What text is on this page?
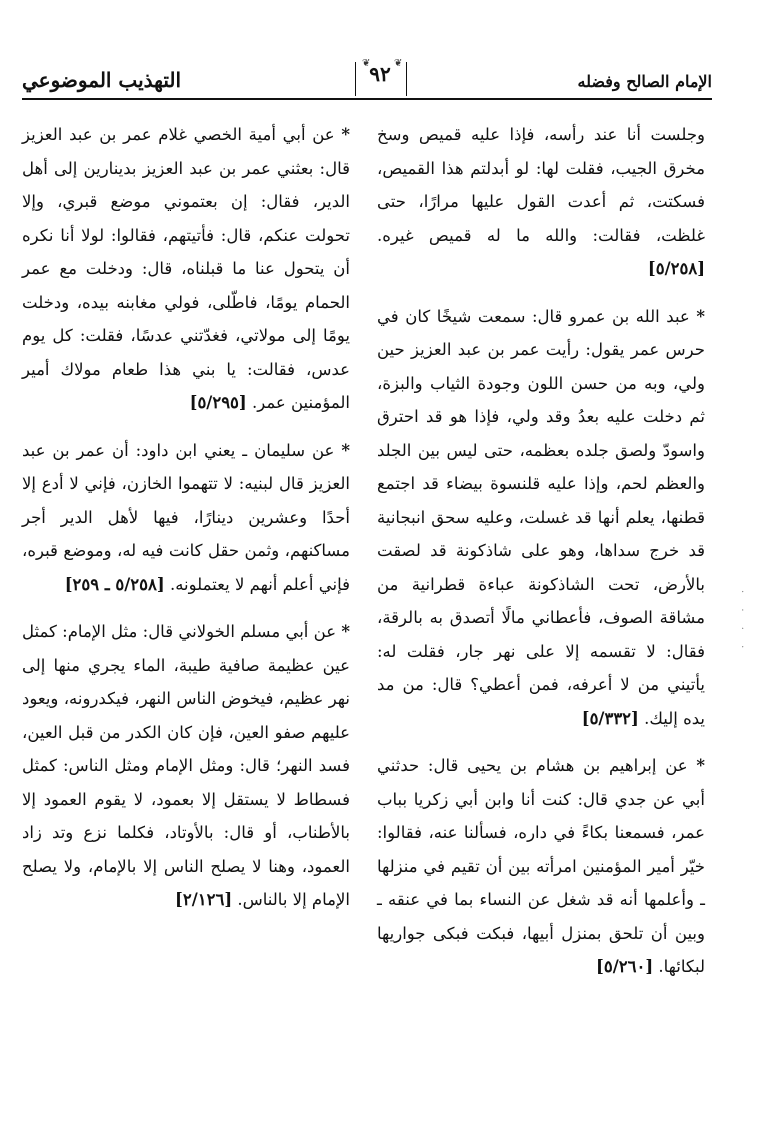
الإمام الصالح وفضله
❦ ❦
٩٢
التهذيب الموضوعي

وجلست أنا عند رأسه، فإذا عليه قميص وسخ مخرق الجيب، فقلت لها: لو أبدلتم هذا القميص، فسكتت، ثم أعدت القول عليها مرارًا، حتى غلظت، فقالت: والله ما له قميص غيره. [٥/٢٥٨]

* عبد الله بن عمرو قال: سمعت شيخًا كان في حرس عمر يقول: رأيت عمر بن عبد العزيز حين ولي، وبه من حسن اللون وجودة الثياب والبزة، ثم دخلت عليه بعدُ وقد ولي، فإذا هو قد احترق واسودّ ولصق جلده بعظمه، حتى ليس بين الجلد والعظم لحم، وإذا عليه قلنسوة بيضاء قد اجتمع قطنها، يعلم أنها قد غسلت، وعليه سحق انبجانية قد خرج سداها، وهو على شاذكونة قد لصقت بالأرض، تحت الشاذكونة عباءة قطرانية من مشاقة الصوف، فأعطاني مالًا أتصدق به بالرقة، فقال: لا تقسمه إلا على نهر جار، فقلت له: يأتيني من لا أعرفه، فمن أعطي؟ قال: من مد يده إليك. [٥/٣٣٢]

* عن إبراهيم بن هشام بن يحيى قال: حدثني أبي عن جدي قال: كنت أنا وابن أبي زكريا بباب عمر، فسمعنا بكاءً في داره، فسألنا عنه، فقالوا: خيّر أمير المؤمنين امرأته بين أن تقيم في منزلها ـ وأعلمها أنه قد شغل عن النساء بما في عنقه ـ وبين أن تلحق بمنزل أبيها، فبكت فبكى جواريها لبكائها. [٥/٢٦٠]

* عن أبي أمية الخصي غلام عمر بن عبد العزيز قال: بعثني عمر بن عبد العزيز بدينارين إلى أهل الدير، فقال: إن بعتموني موضع قبري، وإلا تحولت عنكم، قال: فأتيتهم، فقالوا: لولا أنا نكره أن يتحول عنا ما قبلناه، قال: ودخلت مع عمر الحمام يومًا، فاطّلى، فولي مغابنه بيده، ودخلت يومًا إلى مولاتي، فغدّتني عدسًا، فقلت: كل يوم عدس، فقالت: يا بني هذا طعام مولاك أمير المؤمنين عمر. [٥/٢٩٥]

* عن سليمان ـ يعني ابن داود: أن عمر بن عبد العزيز قال لبنيه: لا تتهموا الخازن، فإني لا أدع إلا أحدًا وعشرين دينارًا، فيها لأهل الدير أجر مساكنهم، وثمن حقل كانت فيه له، وموضع قبره، فإني أعلم أنهم لا يعتملونه. [٥/٢٥٨ ـ ٢٥٩]

* عن أبي مسلم الخولاني قال: مثل الإمام: كمثل عين عظيمة صافية طيبة، الماء يجري منها إلى نهر عظيم، فيخوض الناس النهر، فيكدرونه، ويعود عليهم صفو العين، فإن كان الكدر من قبل العين، فسد النهر؛ قال: ومثل الإمام ومثل الناس: كمثل فسطاط لا يستقل إلا بعمود، لا يقوم العمود إلا بالأطناب، أو قال: بالأوتاد، فكلما نزع وتد زاد العمود، وهنا لا يصلح الناس إلا بالإمام، ولا يصلح الإمام إلا بالناس. [٢/١٢٦]

· · · ·
